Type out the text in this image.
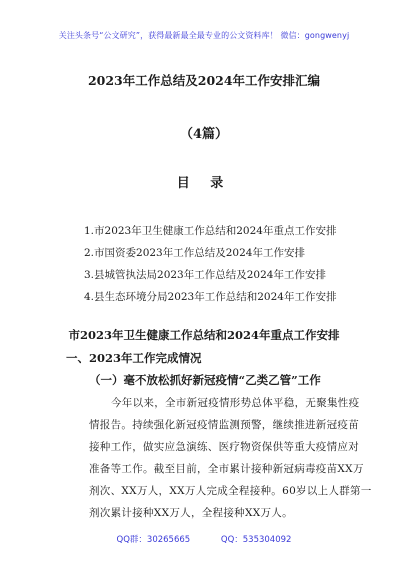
关注头条号“公文研究”，获得最新最全最专业的公文资料库！ 微信：gongwenyj
2023年工作总结及2024年工作安排汇编
（4篇）
目 录
1.市2023年卫生健康工作总结和2024年重点工作安排
2.市国资委2023年工作总结及2024年工作安排
3.县城管执法局2023年工作总结及2024年工作安排
4.县生态环境分局2023年工作总结和2024年工作安排
市2023年卫生健康工作总结和2024年重点工作安排
一、2023年工作完成情况
（一）毫不放松抓好新冠疫情“乙类乙管”工作
今年以来，全市新冠疫情形势总体平稳，无聚集性疫
情报告。持续强化新冠疫情监测预警，继续推进新冠疫苗
接种工作，做实应急演练、医疗物资保供等重大疫情应对
准备等工作。截至目前，全市累计接种新冠病毒疫苗XX万
剂次、XX万人，XX万人完成全程接种。60岁以上人群第一
剂次累计接种XX万人，全程接种XX万人。
QQ群：30265665	QQ：535304092
